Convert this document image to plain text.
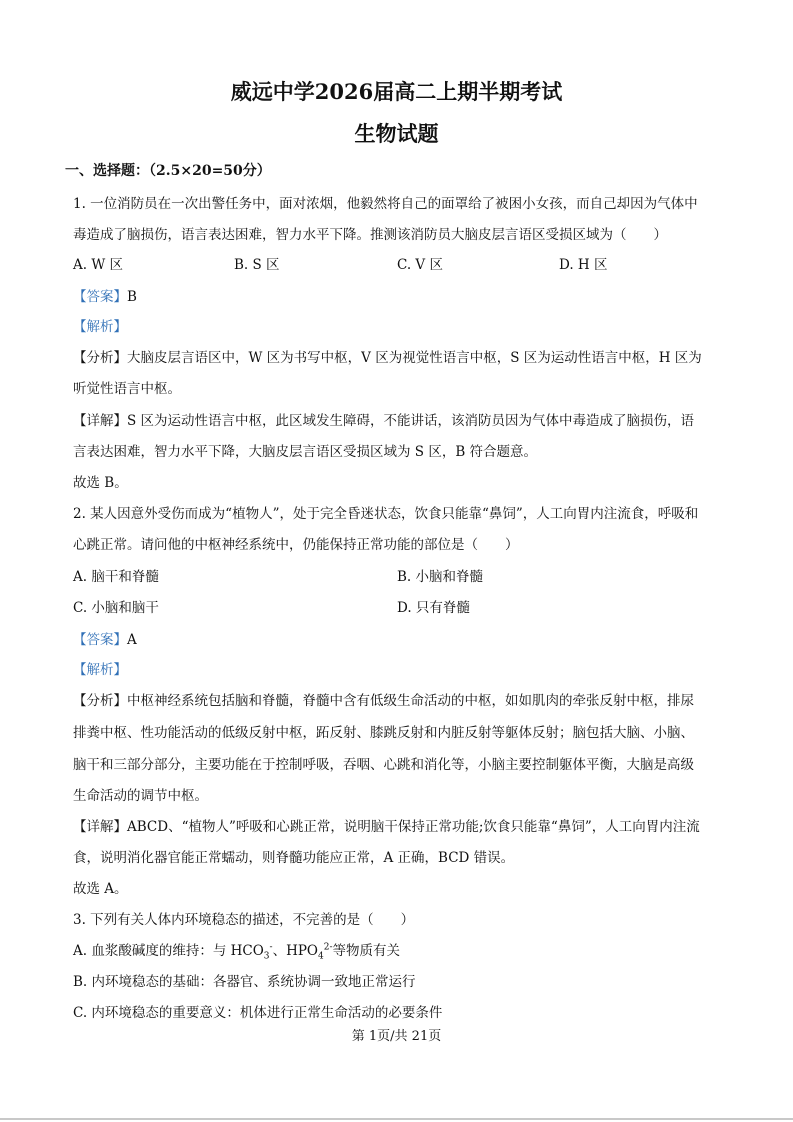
威远中学2026届高二上期半期考试
生物试题
一、选择题：（2.5×20=50分）
1. 一位消防员在一次出警任务中，面对浓烟，他毅然将自己的面罩给了被困小女孩，而自己却因为气体中
毒造成了脑损伤，语言表达困难，智力水平下降。推测该消防员大脑皮层言语区受损区域为（　　）
A. W 区	B. S 区	C. V 区	D. H 区
【答案】B
【解析】
【分析】大脑皮层言语区中，W 区为书写中枢，V 区为视觉性语言中枢，S 区为运动性语言中枢，H 区为
听觉性语言中枢。
【详解】S 区为运动性语言中枢，此区域发生障碍，不能讲话，该消防员因为气体中毒造成了脑损伤，语
言表达困难，智力水平下降，大脑皮层言语区受损区域为 S 区，B 符合题意。
故选 B。
2. 某人因意外受伤而成为“植物人”，处于完全昏迷状态，饮食只能靠“鼻饲”，人工向胃内注流食，呼吸和
心跳正常。请问他的中枢神经系统中，仍能保持正常功能的部位是（　　）
A. 脑干和脊髓	B. 小脑和脊髓
C. 小脑和脑干	D. 只有脊髓
【答案】A
【解析】
【分析】中枢神经系统包括脑和脊髓，脊髓中含有低级生命活动的中枢，如如肌肉的牵张反射中枢，排尿
排粪中枢、性功能活动的低级反射中枢，跖反射、膝跳反射和内脏反射等躯体反射；脑包括大脑、小脑、
脑干和三部分部分，主要功能在于控制呼吸，吞咽、心跳和消化等，小脑主要控制躯体平衡，大脑是高级
生命活动的调节中枢。
【详解】ABCD、“植物人”呼吸和心跳正常，说明脑干保持正常功能;饮食只能靠“鼻饲”，人工向胃内注流
食，说明消化器官能正常蠕动，则脊髓功能应正常，A 正确，BCD 错误。
故选 A。
3. 下列有关人体内环境稳态的描述，不完善的是（　　）
A. 血浆酸碱度的维持：与 $HCO_3^-$、$HPO_4^{2-}$等物质有关
B. 内环境稳态的基础：各器官、系统协调一致地正常运行
C. 内环境稳态的重要意义：机体进行正常生命活动的必要条件
第 1页/共 21页
